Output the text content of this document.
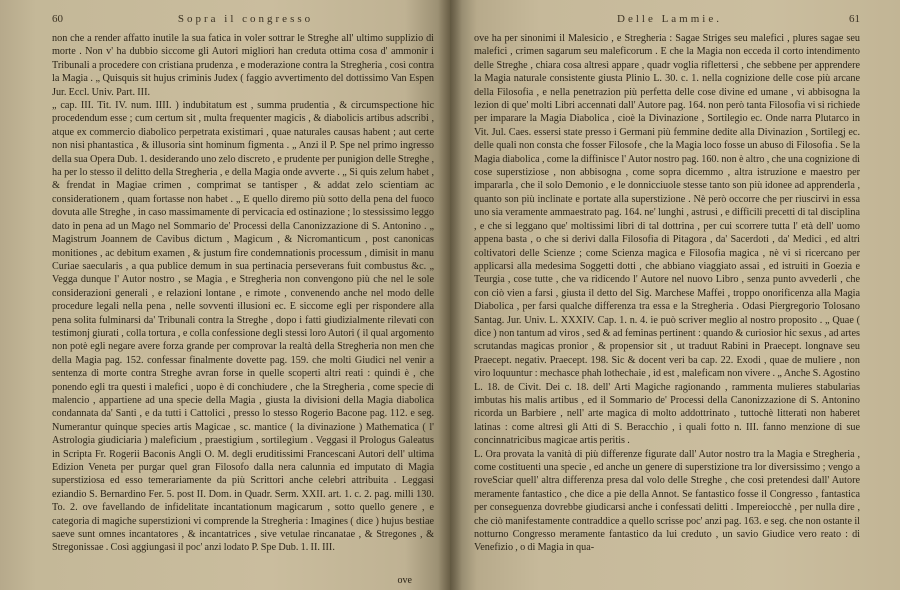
60	Sopra il congresso
non che a render affatto inutile la sua fatica in voler sottrar le Streghe all' ultimo supplizio di morte . Non v' ha dubbio siccome gli Autori migliori han creduta ottima cosa d' ammonir i Tribunali a procedere con cristiana prudenza , e moderazione contra la Stregheria , così contra la Magia . „ Quisquis sit hujus criminis Judex ( faggio avvertimento del dottissimo Van Espen Jur. Eccl. Univ. Part. III.
„ cap. III. Tit. IV. num. IIII. ) indubitatum est , summa prudentia , & circumspectione hic procedendum esse ; cum certum sit , multa frequenter magicis , & diabolicis artibus adscribi , atque ex commercio diabolico perpetrata existimari , quae naturales causas habent ; aut certe non nisi phantastica , & illusoria sint hominum figmenta . „ Anzi il P. Spe nel primo ingresso della sua Opera Dub. 1. desiderando uno zelo discreto , e prudente per punigion delle Streghe , ha per lo stesso il delitto della Stregheria , e della Magia onde avverte . „ Si quis zelum habet , & frendat in Magiae crimen , comprimat se tantisper , & addat zelo scientiam ac considerationem , quam fortasse non habet . „ E quello diremo più sotto della pena del fuoco dovuta alle Streghe , in caso massimamente di pervicacia ed ostinazione ; lo stessissimo leggo dato in pena ad un Mago nel Sommario de' Processi della Canonizzazione di S. Antonino . „ Magistrum Joannem de Cavibus dictum , Magicum , & Nicromanticum , post canonicas monitiones , ac debitum examen , & justum fire condemnationis processum , dimisit in manu Curiae saecularis , a qua publice demum in sua pertinacia perseverans fuit combustus &c. „ Vegga dunque l' Autor nostro , se Magia , e Stregheria non convengono più che nel le sole considerazioni generali , e relazioni lontane , e rimote , convenendo anche nel modo delle procedure legali nella pena , nelle sovventi illusioni ec. E siccome egli per rispondere alla pena solita fulminarsi da' Tribunali contra la Streghe , dopo i fatti giudizialmente rilevati con testimonj giurati , colla tortura , e colla confessione degli stessi loro Autori ( il qual argomento non potè egli negare avere forza grande per comprovar la realtà della Stregheria non men che della Magia pag. 152. confessar finalmente dovette pag. 159. che molti Giudici nel venir a sentenza di morte contra Streghe avran forse in quelle scoperti altri reati : quindi è , che ponendo egli tra questi i malefici , uopo è di conchiudere , che la Stregheria , come specie di malencio , appartiene ad una specie della Magia , giusta la divisioni della Magia diabolica condannata da' Santi , e da tutti i Cattolici , presso lo stesso Rogerio Bacone pag. 112. e seg. Numerantur quinque species artis Magicae , sc. mantice ( la divinazione ) Mathematica ( l' Astrologia giudiciaria ) maleficium , praestigium , sortilegium . Veggasi il Prologus Galeatus in Scripta Fr. Rogerii Baconis Angli O. M. degli eruditissimi Francescani Autori dell' ultima Edizion Veneta per purgar quel gran Filosofo dalla nera calunnia ed imputato di Magia superstiziosa ed esso temerariamente da più Scrittori anche celebri attribuita . Leggasi eziandio S. Bernardino Fer. 5. post II. Dom. in Quadr. Serm. XXII. art. 1. c. 2. pag. milli 130. To. 2. ove favellando de infidelitate incantationum magicarum , sotto quello genere , e categoria di magiche superstizioni vi comprende la Stregheria : Imagines ( dice ) hujus bestiae saeve sunt omnes incantatores , & incantatrices , sive vetulae rincanatae , & Stregones , & Stregonissae . Così aggiungasi il poc' anzi lodato P. Spe Dub. 1. II. III.
ove
Delle Lammie.	61
ove ha per sinonimi il Malesicio , e Stregheria : Sagae Striges seu malefici , plures sagae seu malefici , crimen sagarum seu maleficorum . E che la Magia non ecceda il corto intendimento delle Streghe , chiara cosa altresì appare , quadr voglia riflettersi , che sebbene per apprendere la Magia naturale consistente giusta Plinio L. 30. c. 1. nella cognizione delle cose più arcane della Filosofia , e nella penetrazion più perfetta delle cose divine ed umane , vi abbisogna la lezion di que' molti Libri accennati dall' Autore pag. 164. non però tanta Filosofia vi si richiede per imparare la Magia Diabolica , cioè la Divinazione , Sortilegio ec. Onde narra Plutarco in Vit. Jul. Caes. essersi state presso i Germani più femmine dedite alla Divinazion , Sortilegj ec. delle quali non consta che fosser Filosofe , che la Magia loco fosse un abuso di Filosofia . Se la Magia diabolica , come la diffinisce l' Autor nostro pag. 160. non è altro , che una cognizione di cose superstiziose , non abbisogna , come sopra dicemmo , altra istruzione e maestro per impararla , che il solo Demonio , e le donnicciuole stesse tanto son più idonee ad apprenderla , quanto son più inclinate e portate alla superstizione . Nè però occorre che per riuscirvi in essa uno sia veramente ammaestrato pag. 164. ne' lunghi , astrusi , e difficili precetti di tal disciplina , e che si leggano que' moltissimi libri di tal dottrina , per cui scorrere tutta l' età dell' uomo appena basta , o che si derivi dalla Filosofia di Pitagora , da' Sacerdoti , da' Medici , ed altri coltivatori delle Scienze ; come Scienza magica e Filosofia magica , nè vi si ricercano per applicarsi alla medesima Soggetti dotti , che abbiano viaggiato assai , ed istruiti in Goezia e Teurgia , cose tutte , che va ridicendo l' Autore nel nuovo Libro , senza punto avvederli , che con ciò vien a farsi , giusta il detto del Sig. Marchese Maffei , troppo onorificenza alla Magia Diabolica , per farsi qualche differenza tra essa e la Stregheria . Odasi Piergregorio Tolosano Santag. Jur. Univ. L. XXXIV. Cap. 1. n. 4. ie può scriver meglio al nostro proposito . „ Quae ( dice ) non tantum ad viros , sed & ad feminas pertinent : quando & curiosior hic sexus , ad artes scrutandas magicas pronior , & propensior sit , ut traduut Rabini in Praecept. longnave seu Praecept. negativ. Praecept. 198. Sic & docent veri ba cap. 22. Exodi , quae de muliere , non viro loquuntur : mechasce phah lothechaie , id est , maleficam non vivere . „ Anche S. Agostino L. 18. de Civit. Dei c. 18. dell' Arti Magiche ragionando , rammenta mulieres stabularias imbutas his malis artibus , ed il Sommario de' Processi della Canonizzazione di S. Antonino ricorda un Barbiere , nell' arte magica di molto addottrinato , tuttochè litterati non haberet latinas : come altresì gli Atti di S. Beracchio , i quali fotto n. III. fanno menzione di sue concinnatricibus magicae artis peritis .
L. Ora provata la vanità di più differenze figurate dall' Autor nostro tra la Magia e Stregheria , come costituenti una specie , ed anche un genere di superstizione tra lor diversissimo ; vengo a roveSciar quell' altra differenza presa dal volo delle Streghe , che così pretendesi dall' Autore meramente fantastico , che dice a pie della Annot. Se fantastico fosse il Congresso , fantastica per conseguenza dovrebbe giudicarsi anche i confessati delitti . Impereiocchè , per nulla dire , che ciò manifestamente contraddice a quello scrisse poc' anzi pag. 163. e seg. che non ostante il notturno Congresso meramente fantastico da lui creduto , un savio Giudice vero reato : di Venefizio , o di Magia in qua-
